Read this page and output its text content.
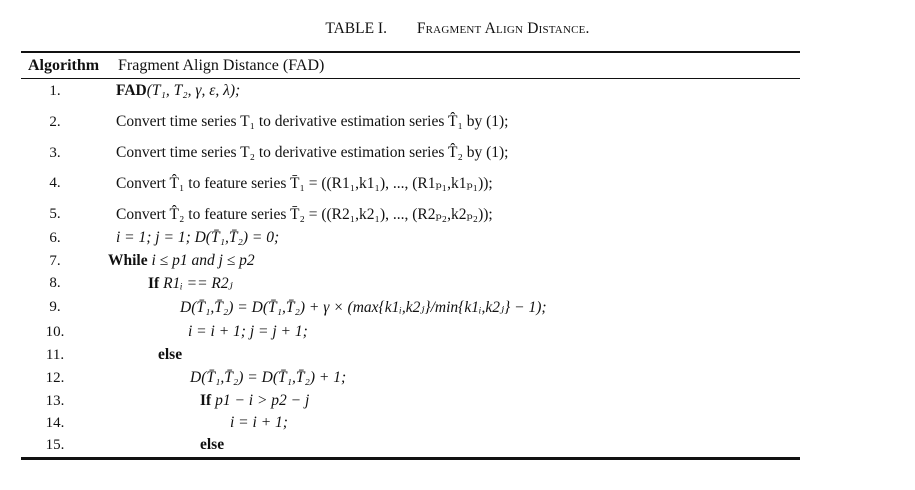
TABLE I. Fragment Align Distance.
Algorithm Fragment Align Distance (FAD)
1.
2.
3.
4.
5.
6.
7.
8.
9.
10.
11.
12.
13.
14.
15.
FAD(T₁, T₂, γ, ε, λ);
Convert time series T₁ to derivative estimation series T̂₁ by (1);
Convert time series T₂ to derivative estimation series T̂₂ by (1);
Convert T̂₁ to feature series T̄₁ = ((R1₁,k1₁), ..., (R1ₚ₁,k1ₚ₁));
Convert T̂₂ to feature series T̄₂ = ((R2₁,k2₁), ..., (R2ₚ₂,k2ₚ₂));
i = 1; j = 1; D(T̄₁,T̄₂) = 0;
While i ≤ p1 and j ≤ p2
If R1ᵢ == R2ⱼ
D(T̄₁,T̄₂) = D(T̄₁,T̄₂) + γ × (max{k1ᵢ,k2ⱼ}/min{k1ᵢ,k2ⱼ} − 1);
i = i + 1; j = j + 1;
else
D(T̄₁,T̄₂) = D(T̄₁,T̄₂) + 1;
If p1 − i > p2 − j
i = i + 1;
else
